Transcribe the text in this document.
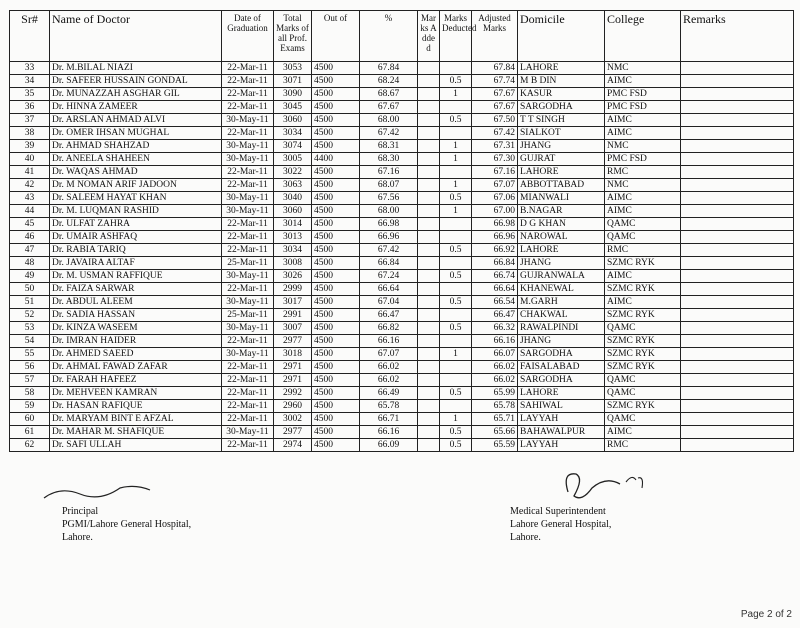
Sr#	Name of Doctor	Date of Graduation	Total Marks of all Prof. Exams	Out of	%	Marks Added	Marks Deducted	Adjusted Marks	Domicile	College	Remarks
33	Dr. M.BILAL NIAZI	22-Mar-11	3053	4500	67.84			67.84	LAHORE	NMC	
34	Dr. SAFEER HUSSAIN GONDAL	22-Mar-11	3071	4500	68.24		0.5	67.74	M B DIN	AIMC	
35	Dr. MUNAZZAH ASGHAR GIL	22-Mar-11	3090	4500	68.67		1	67.67	KASUR	PMC FSD	
36	Dr. HINNA ZAMEER	22-Mar-11	3045	4500	67.67			67.67	SARGODHA	PMC FSD	
37	Dr. ARSLAN AHMAD ALVI	30-May-11	3060	4500	68.00		0.5	67.50	T T SINGH	AIMC	
38	Dr. OMER IHSAN MUGHAL	22-Mar-11	3034	4500	67.42			67.42	SIALKOT	AIMC	
39	Dr. AHMAD SHAHZAD	30-May-11	3074	4500	68.31		1	67.31	JHANG	NMC	
40	Dr. ANEELA SHAHEEN	30-May-11	3005	4400	68.30		1	67.30	GUJRAT	PMC FSD	
41	Dr. WAQAS AHMAD	22-Mar-11	3022	4500	67.16			67.16	LAHORE	RMC	
42	Dr. M NOMAN ARIF JADOON	22-Mar-11	3063	4500	68.07		1	67.07	ABBOTTABAD	NMC	
43	Dr. SALEEM HAYAT KHAN	30-May-11	3040	4500	67.56		0.5	67.06	MIANWALI	AIMC	
44	Dr. M. LUQMAN RASHID	30-May-11	3060	4500	68.00		1	67.00	B.NAGAR	AIMC	
45	Dr. ULFAT ZAHRA	22-Mar-11	3014	4500	66.98			66.98	D G KHAN	QAMC	
46	Dr. UMAIR ASHFAQ	22-Mar-11	3013	4500	66.96			66.96	NAROWAL	QAMC	
47	Dr. RABIA TARIQ	22-Mar-11	3034	4500	67.42		0.5	66.92	LAHORE	RMC	
48	Dr. JAVAIRA ALTAF	25-Mar-11	3008	4500	66.84			66.84	JHANG	SZMC RYK	
49	Dr. M. USMAN RAFFIQUE	30-May-11	3026	4500	67.24		0.5	66.74	GUJRANWALA	AIMC	
50	Dr. FAIZA SARWAR	22-Mar-11	2999	4500	66.64			66.64	KHANEWAL	SZMC RYK	
51	Dr. ABDUL ALEEM	30-May-11	3017	4500	67.04		0.5	66.54	M.GARH	AIMC	
52	Dr. SADIA HASSAN	25-Mar-11	2991	4500	66.47			66.47	CHAKWAL	SZMC RYK	
53	Dr. KINZA WASEEM	30-May-11	3007	4500	66.82		0.5	66.32	RAWALPINDI	QAMC	
54	Dr. IMRAN HAIDER	22-Mar-11	2977	4500	66.16			66.16	JHANG	SZMC RYK	
55	Dr. AHMED SAEED	30-May-11	3018	4500	67.07		1	66.07	SARGODHA	SZMC RYK	
56	Dr. AHMAL FAWAD ZAFAR	22-Mar-11	2971	4500	66.02			66.02	FAISALABAD	SZMC RYK	
57	Dr. FARAH HAFEEZ	22-Mar-11	2971	4500	66.02			66.02	SARGODHA	QAMC	
58	Dr. MEHVEEN KAMRAN	22-Mar-11	2992	4500	66.49		0.5	65.99	LAHORE	QAMC	
59	Dr. HASAN RAFIQUE	22-Mar-11	2960	4500	65.78			65.78	SAHIWAL	SZMC RYK	
60	Dr. MARYAM BINT E AFZAL	22-Mar-11	3002	4500	66.71		1	65.71	LAYYAH	QAMC	
61	Dr. MAHAR M. SHAFIQUE	30-May-11	2977	4500	66.16		0.5	65.66	BAHAWALPUR	AIMC	
62	Dr. SAFI ULLAH	22-Mar-11	2974	4500	66.09		0.5	65.59	LAYYAH	RMC	
Principal
PGMI/Lahore General Hospital,
Lahore.
Medical Superintendent
Lahore General Hospital,
Lahore.
Page 2 of 2
